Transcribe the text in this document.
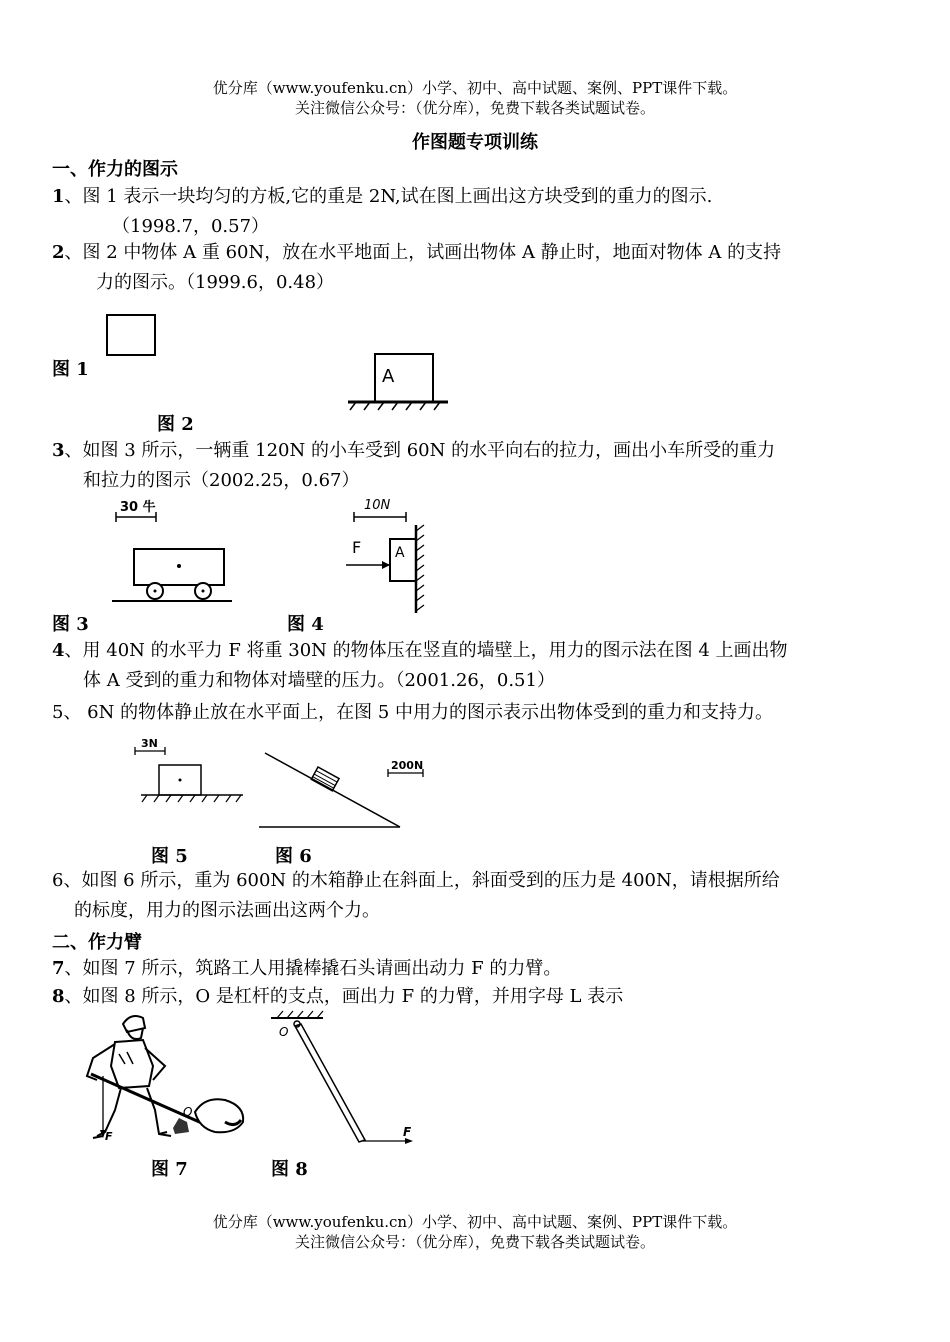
优分库（www.youfenku.cn）小学、初中、高中试题、案例、PPT课件下载。
关注微信公众号：（优分库），免费下载各类试题试卷。
作图题专项训练
一、作力的图示
1、图 1 表示一块均匀的方板,它的重是 2N,试在图上画出这方块受到的重力的图示.
（1998.7，0.57）
2、图 2 中物体 A 重 60N，放在水平地面上，试画出物体 A 静止时，地面对物体 A 的支持
力的图示。（1999.6，0.48）
图 1	A
图 2
3、如图 3 所示，一辆重 120N 的小车受到 60N 的水平向右的拉力，画出小车所受的重力
和拉力的图示（2002.25，0.67）
30 牛	10N
F A
图 3	图 4
4、用 40N 的水平力 F 将重 30N 的物体压在竖直的墙壁上，用力的图示法在图 4 上画出物
体 A 受到的重力和物体对墙壁的压力。（2001.26，0.51）
5、 6N 的物体静止放在水平面上，在图 5 中用力的图示表示出物体受到的重力和支持力。
3N
200N
图 5	图 6
6、如图 6 所示，重为 600N 的木箱静止在斜面上，斜面受到的压力是 400N，请根据所给
的标度，用力的图示法画出这两个力。
二、作力臂
7、如图 7 所示，筑路工人用撬棒撬石头请画出动力 F 的力臂。
8、如图 8 所示，O 是杠杆的支点，画出力 F 的力臂，并用字母 L 表示
F
O
O
F
图 7	图 8
优分库（www.youfenku.cn）小学、初中、高中试题、案例、PPT课件下载。
关注微信公众号：（优分库），免费下载各类试题试卷。
